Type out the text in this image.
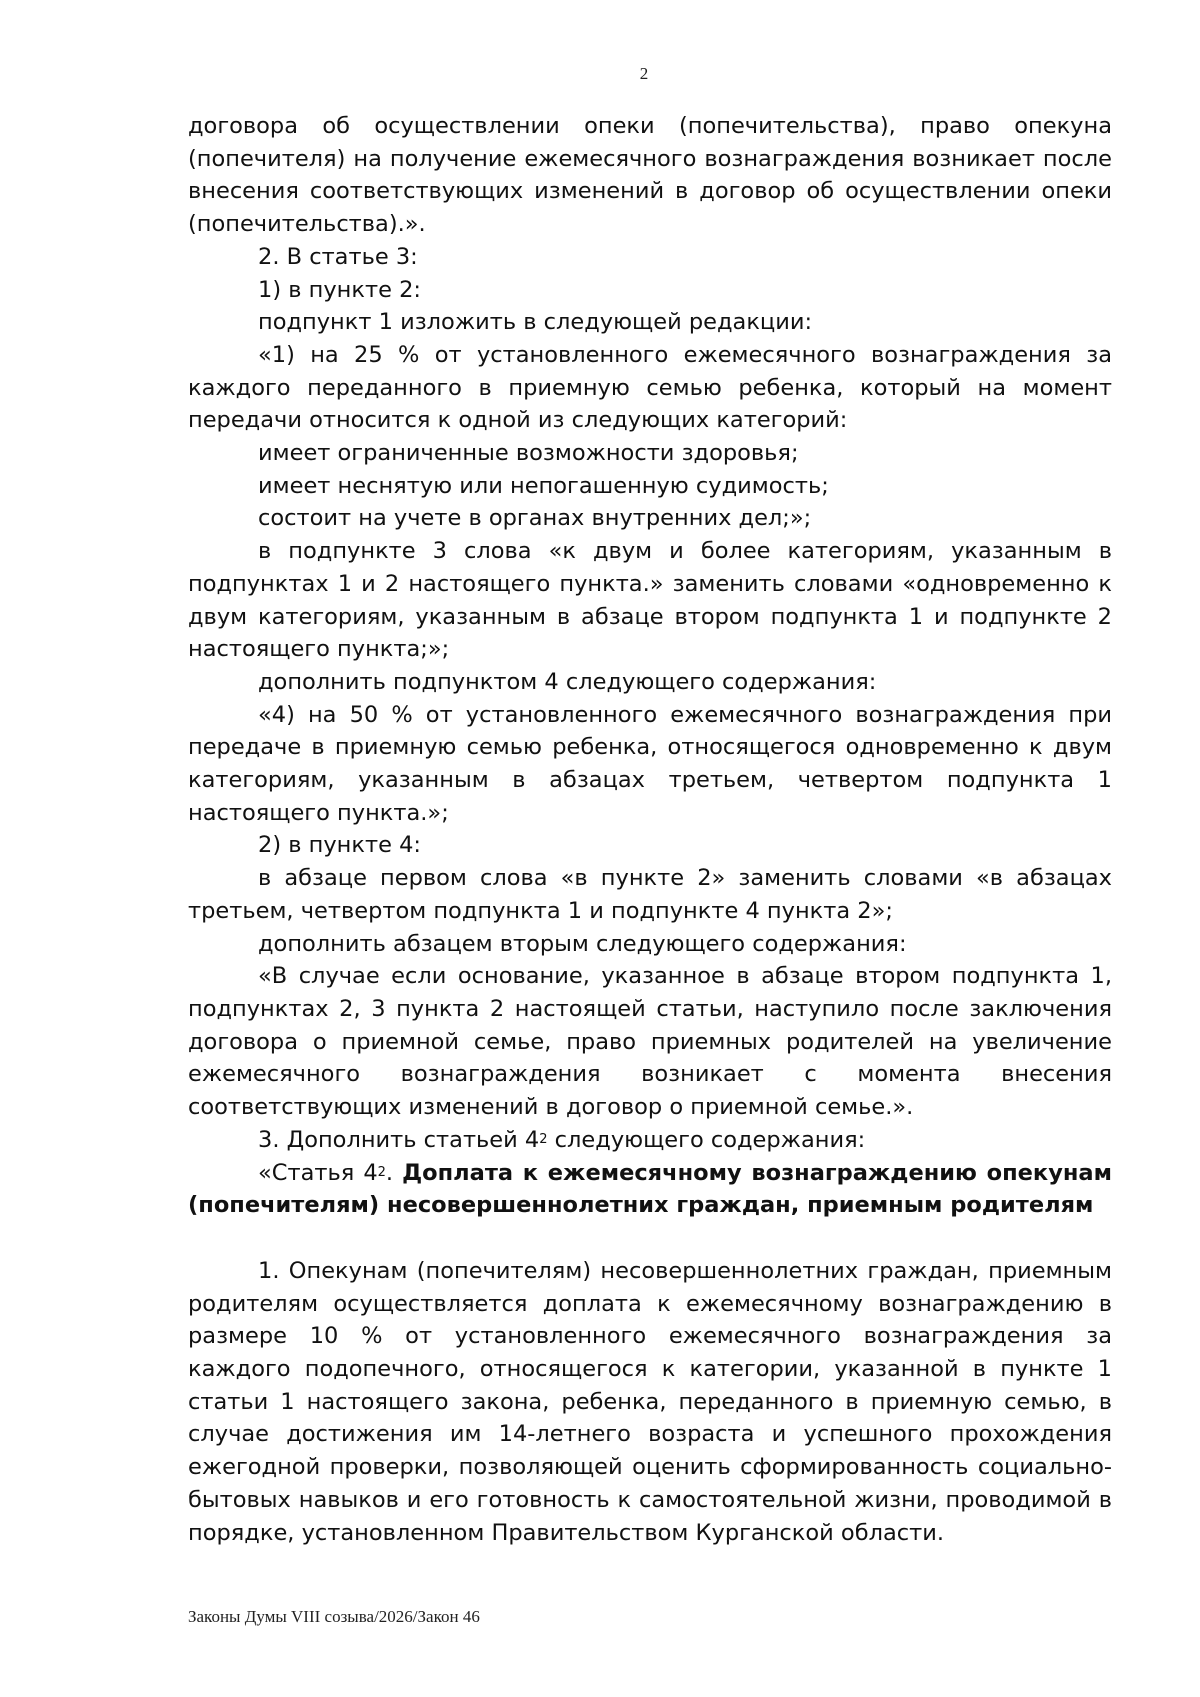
2

договора об осуществлении опеки (попечительства), право опекуна (попечителя) на получение ежемесячного вознаграждения возникает после внесения соответствующих изменений в договор об осуществлении опеки (попечительства).».

2. В статье 3:

1) в пункте 2:

подпункт 1 изложить в следующей редакции:

«1) на 25 % от установленного ежемесячного вознаграждения за каждого переданного в приемную семью ребенка, который на момент передачи относится к одной из следующих категорий:

имеет ограниченные возможности здоровья;

имеет неснятую или непогашенную судимость;

состоит на учете в органах внутренних дел;»;

в подпункте 3 слова «к двум и более категориям, указанным в подпунктах 1 и 2 настоящего пункта.» заменить словами «одновременно к двум категориям, указанным в абзаце втором подпункта 1 и подпункте 2 настоящего пункта;»;

дополнить подпунктом 4 следующего содержания:

«4) на 50 % от установленного ежемесячного вознаграждения при передаче в приемную семью ребенка, относящегося одновременно к двум категориям, указанным в абзацах третьем, четвертом подпункта 1 настоящего пункта.»;

2) в пункте 4:

в абзаце первом слова «в пункте 2» заменить словами «в абзацах третьем, четвертом подпункта 1 и подпункте 4 пункта 2»;

дополнить абзацем вторым следующего содержания:

«В случае если основание, указанное в абзаце втором подпункта 1, подпунктах 2, 3 пункта 2 настоящей статьи, наступило после заключения договора о приемной семье, право приемных родителей на увеличение ежемесячного вознаграждения возникает с момента внесения соответствующих изменений в договор о приемной семье.».

3. Дополнить статьей $4^2$ следующего содержания:

«Статья $4^2$. Доплата к ежемесячному вознаграждению опекунам (попечителям) несовершеннолетних граждан, приемным родителям

1. Опекунам (попечителям) несовершеннолетних граждан, приемным родителям осуществляется доплата к ежемесячному вознаграждению в размере 10 % от установленного ежемесячного вознаграждения за каждого подопечного, относящегося к категории, указанной в пункте 1 статьи 1 настоящего закона, ребенка, переданного в приемную семью, в случае достижения им 14-летнего возраста и успешного прохождения ежегодной проверки, позволяющей оценить сформированность социально-бытовых навыков и его готовность к самостоятельной жизни, проводимой в порядке, установленном Правительством Курганской области.

Законы Думы VIII созыва/2026/Закон 46
